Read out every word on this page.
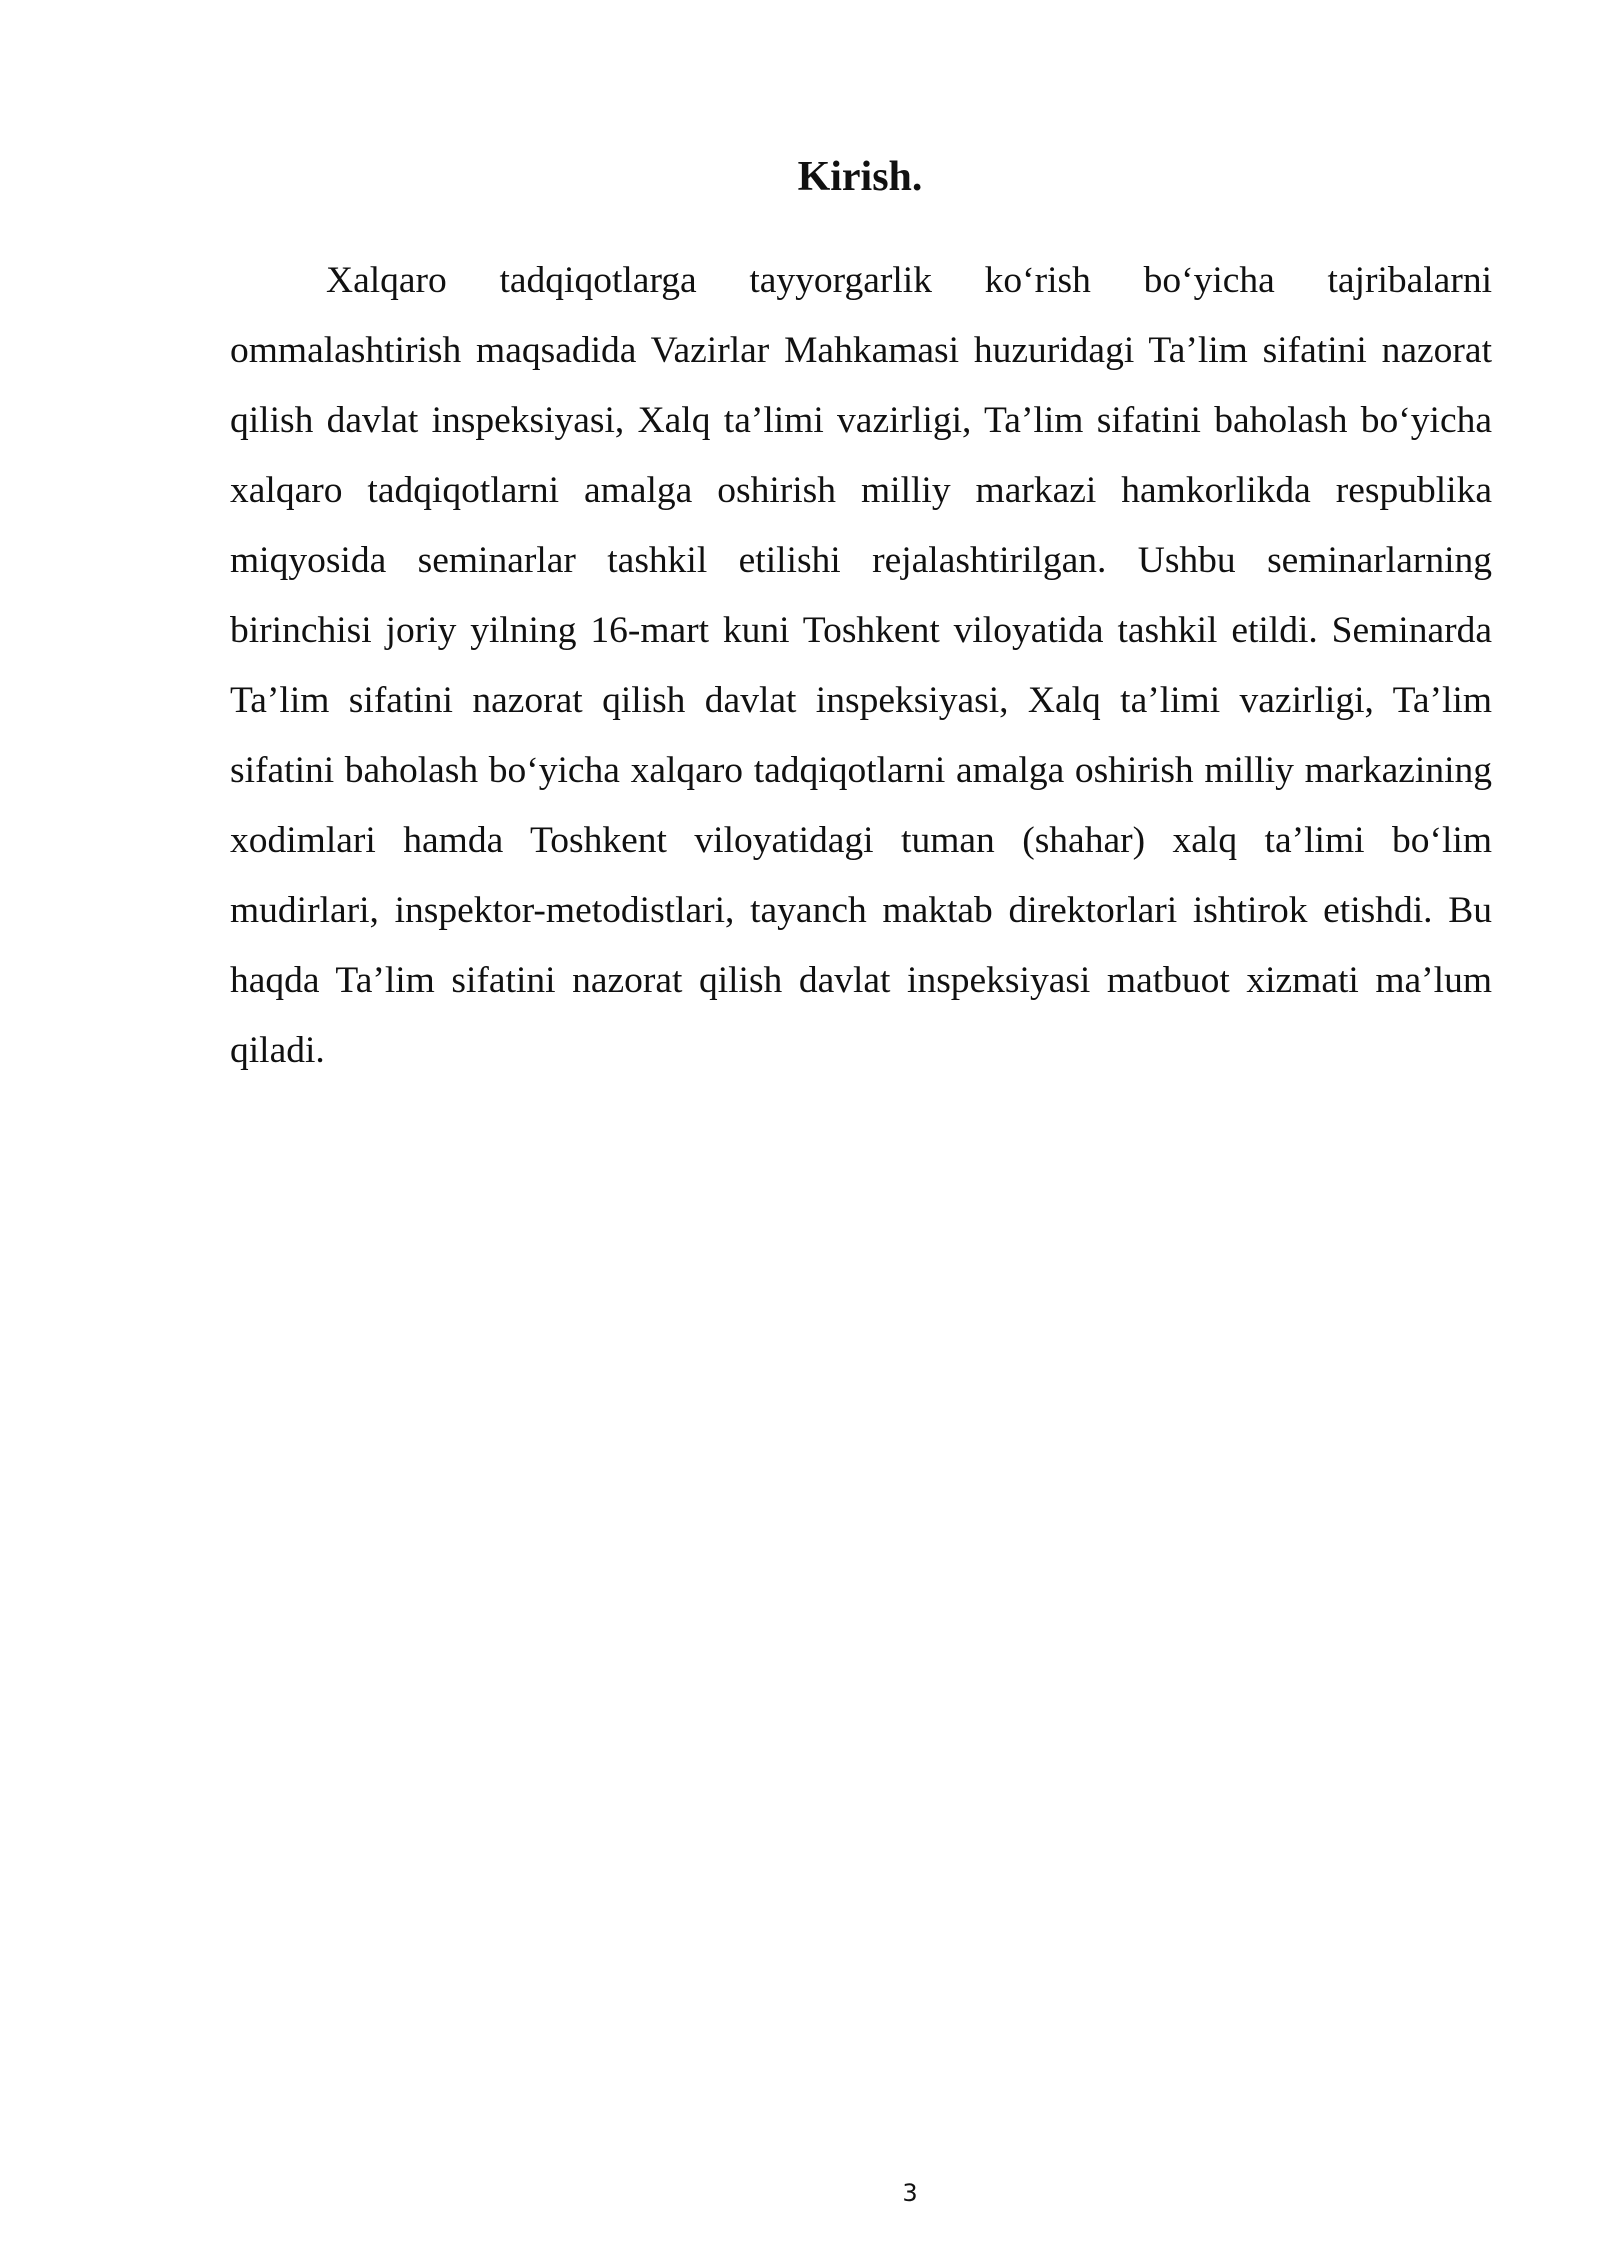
Kirish.

Xalqaro tadqiqotlarga tayyorgarlik ko‘rish bo‘yicha tajribalarni ommalashtirish maqsadida Vazirlar Mahkamasi huzuridagi Ta’lim sifatini nazorat qilish davlat inspeksiyasi, Xalq ta’limi vazirligi, Ta’lim sifatini baholash bo‘yicha xalqaro tadqiqotlarni amalga oshirish milliy markazi hamkorlikda respublika miqyosida seminarlar tashkil etilishi rejalashtirilgan. Ushbu seminarlarning birinchisi joriy yilning 16-mart kuni Toshkent viloyatida tashkil etildi. Seminarda Ta’lim sifatini nazorat qilish davlat inspeksiyasi, Xalq ta’limi vazirligi, Ta’lim sifatini baholash bo‘yicha xalqaro tadqiqotlarni amalga oshirish milliy markazining xodimlari hamda Toshkent viloyatidagi tuman (shahar) xalq ta’limi bo‘lim mudirlari, inspektor-metodistlari, tayanch maktab direktorlari ishtirok etishdi. Bu haqda Ta’lim sifatini nazorat qilish davlat inspeksiyasi matbuot xizmati ma’lum qiladi.

3
